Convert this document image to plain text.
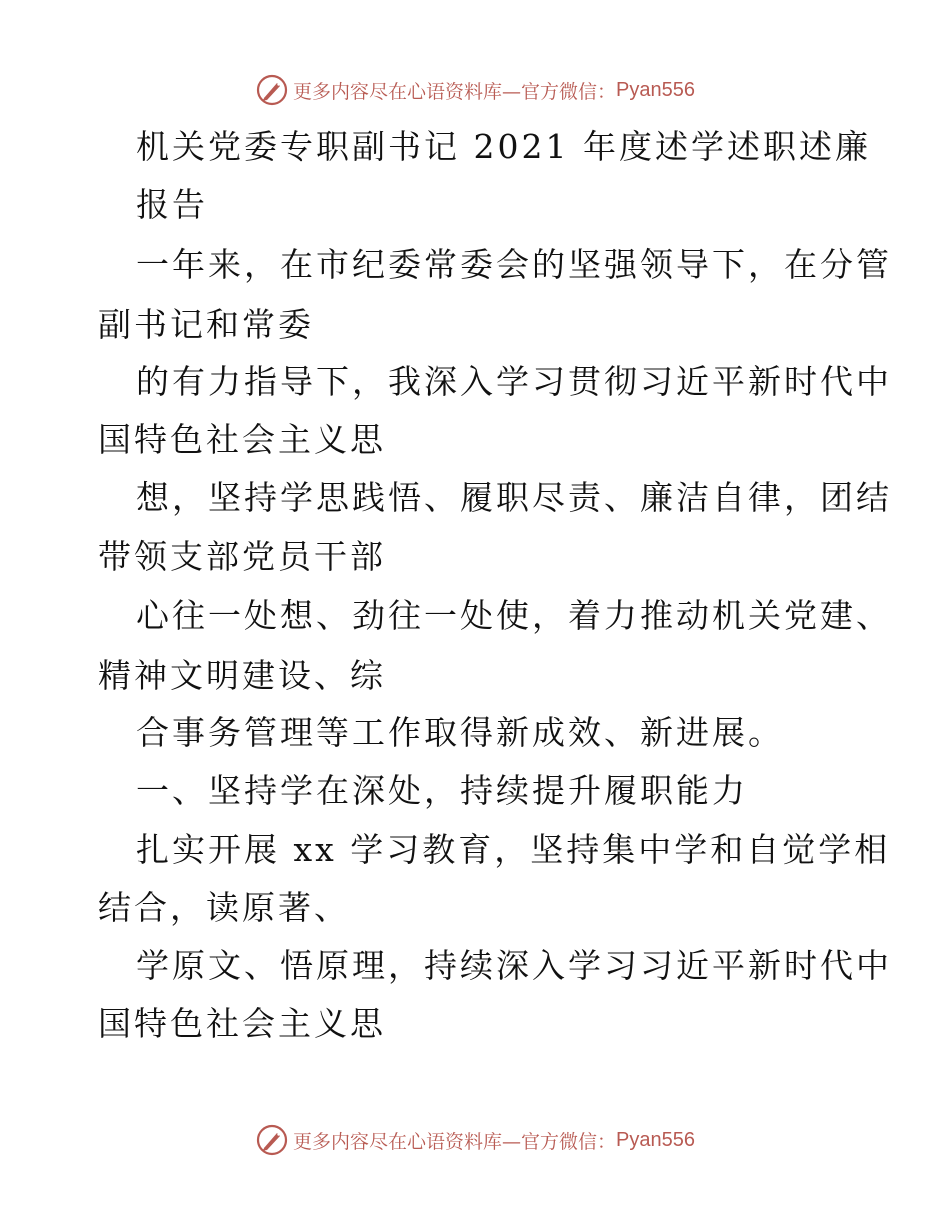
更多内容尽在心语资料库—官方微信： Pyan556
机关党委专职副书记 2021 年度述学述职述廉
报告
一年来，在市纪委常委会的坚强领导下，在分管
副书记和常委
的有力指导下，我深入学习贯彻习近平新时代中
国特色社会主义思
想，坚持学思践悟、履职尽责、廉洁自律，团结
带领支部党员干部
心往一处想、劲往一处使，着力推动机关党建、
精神文明建设、综
合事务管理等工作取得新成效、新进展。
一、坚持学在深处，持续提升履职能力
扎实开展 xx 学习教育，坚持集中学和自觉学相
结合，读原著、
学原文、悟原理，持续深入学习习近平新时代中
国特色社会主义思
更多内容尽在心语资料库—官方微信： Pyan556
